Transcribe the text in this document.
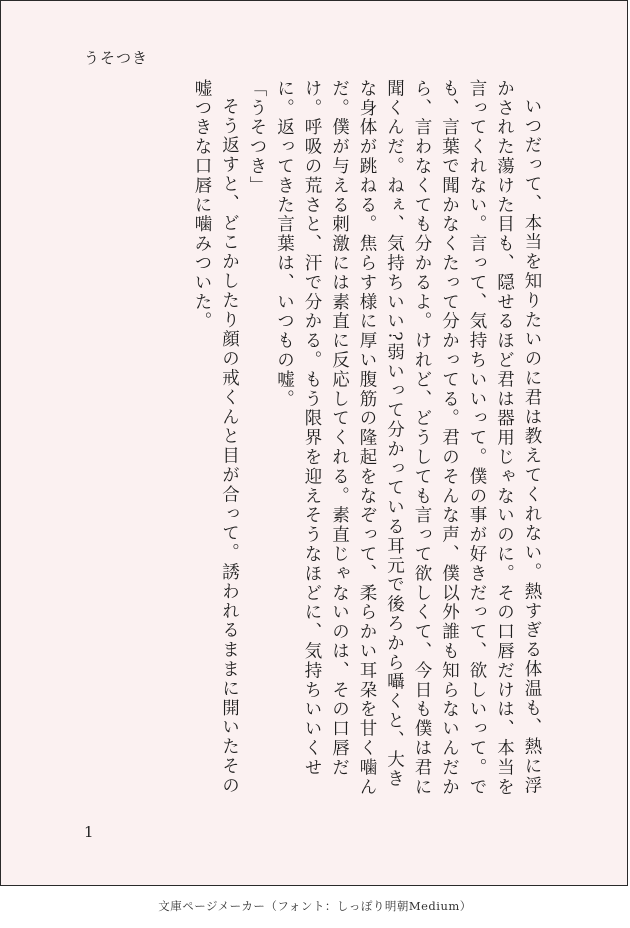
うそつき

いつだって、本当を知りたいのに君は教えてくれない。熱すぎる体温も、熱に浮かされた蕩けた目も、隠せるほど君は器用じゃないのに。その口唇だけは、本当を言ってくれない。言って、気持ちいいって。僕の事が好きだって、欲しいって。でも、言葉で聞かなくたって分かってる。君のそんな声、僕以外誰も知らないんだから、言わなくても分かるよ。けれど、どうしても言って欲しくて、今日も僕は君に聞くんだ。ねぇ、気持ちいい?弱いって分かっている耳元で後ろから囁くと、大きな身体が跳ねる。焦らす様に厚い腹筋の隆起をなぞって、柔らかい耳朶を甘く噛んだ。僕が与える刺激には素直に反応してくれる。素直じゃないのは、その口唇だけ。呼吸の荒さと、汗で分かる。もう限界を迎えそうなほどに、気持ちいいくせに。返ってきた言葉は、いつもの嘘。

「うそつき」

そう返すと、どこかしたり顔の戒くんと目が合って。誘われるままに開いたその嘘つきな口唇に噛みついた。

1
文庫ページメーカー（フォント：しっぽり明朝Medium）
